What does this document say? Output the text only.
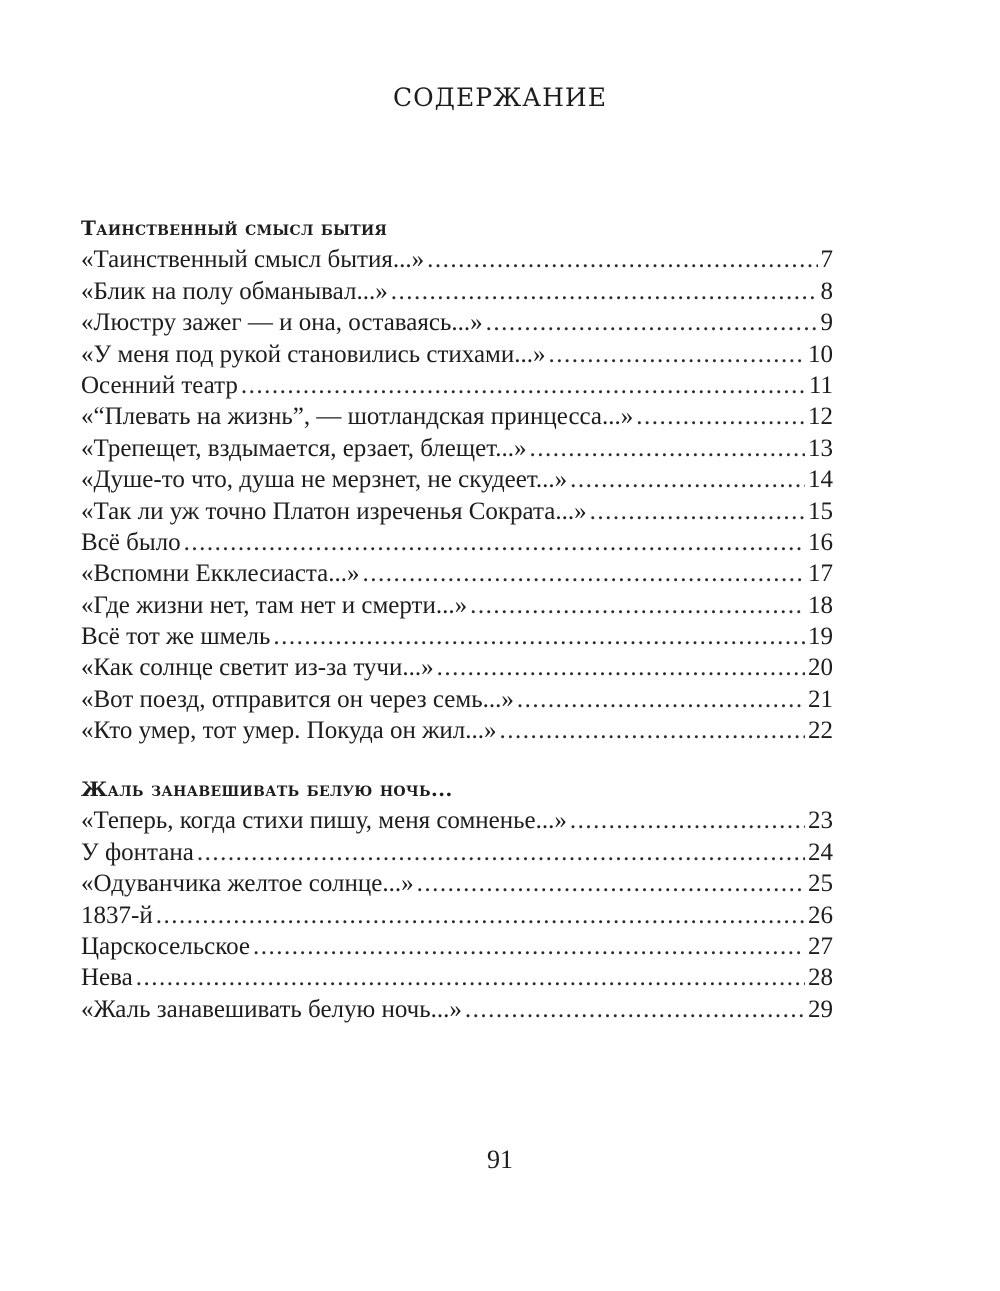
СОДЕРЖАНИЕ
Таинственный смысл бытия
«Таинственный смысл бытия...» .....	7
«Блик на полу обманывал...» .....	8
«Люстру зажег — и она, оставаясь...» .....	9
«У меня под рукой становились стихами...» .....	10
Осенний театр .....	11
«“Плевать на жизнь”, — шотландская принцесса...» .....	12
«Трепещет, вздымается, ерзает, блещет...» .....	13
«Душе-то что, душа не мерзнет, не скудеет...» .....	14
«Так ли уж точно Платон изреченья Сократа...» .....	15
Всё было .....	16
«Вспомни Екклесиаста...» .....	17
«Где жизни нет, там нет и смерти...» .....	18
Всё тот же шмель .....	19
«Как солнце светит из-за тучи...» .....	20
«Вот поезд, отправится он через семь...» .....	21
«Кто умер, тот умер. Покуда он жил...» .....	22
Жаль занавешивать белую ночь...
«Теперь, когда стихи пишу, меня сомненье...» .....	23
У фонтана .....	24
«Одуванчика желтое солнце...» .....	25
1837-й .....	26
Царскосельское .....	27
Нева .....	28
«Жаль занавешивать белую ночь...» .....	29
91
